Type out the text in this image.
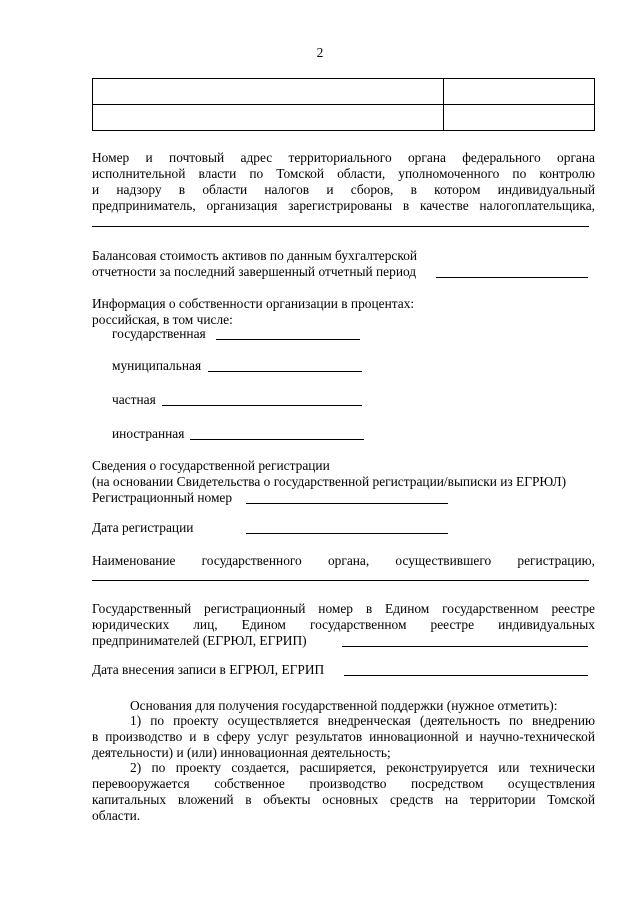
2

Номер и почтовый адрес территориального органа федерального органа
исполнительной власти по Томской области, уполномоченного по контролю
и надзору в области налогов и сборов, в котором индивидуальный
предприниматель, организация зарегистрированы в качестве налогоплательщика,
Балансовая стоимость активов по данным бухгалтерской
отчетности за последний завершенный отчетный период
Информация о собственности организации в процентах:
российская, в том числе:
государственная
муниципальная
частная
иностранная
Сведения о государственной регистрации
(на основании Свидетельства о государственной регистрации/выписки из ЕГРЮЛ)
Регистрационный номер
Дата регистрации
Наименование государственного органа, осуществившего регистрацию,
Государственный регистрационный номер в Едином государственном реестре
юридических лиц, Едином государственном реестре индивидуальных
предпринимателей (ЕГРЮЛ, ЕГРИП)
Дата внесения записи в ЕГРЮЛ, ЕГРИП
Основания для получения государственной поддержки (нужное отметить):
1) по проекту осуществляется внедренческая (деятельность по внедрению
в производство и в сферу услуг результатов инновационной и научно-технической
деятельности) и (или) инновационная деятельность;
2) по проекту создается, расширяется, реконструируется или технически
перевооружается собственное производство посредством осуществления
капитальных вложений в объекты основных средств на территории Томской
области.
